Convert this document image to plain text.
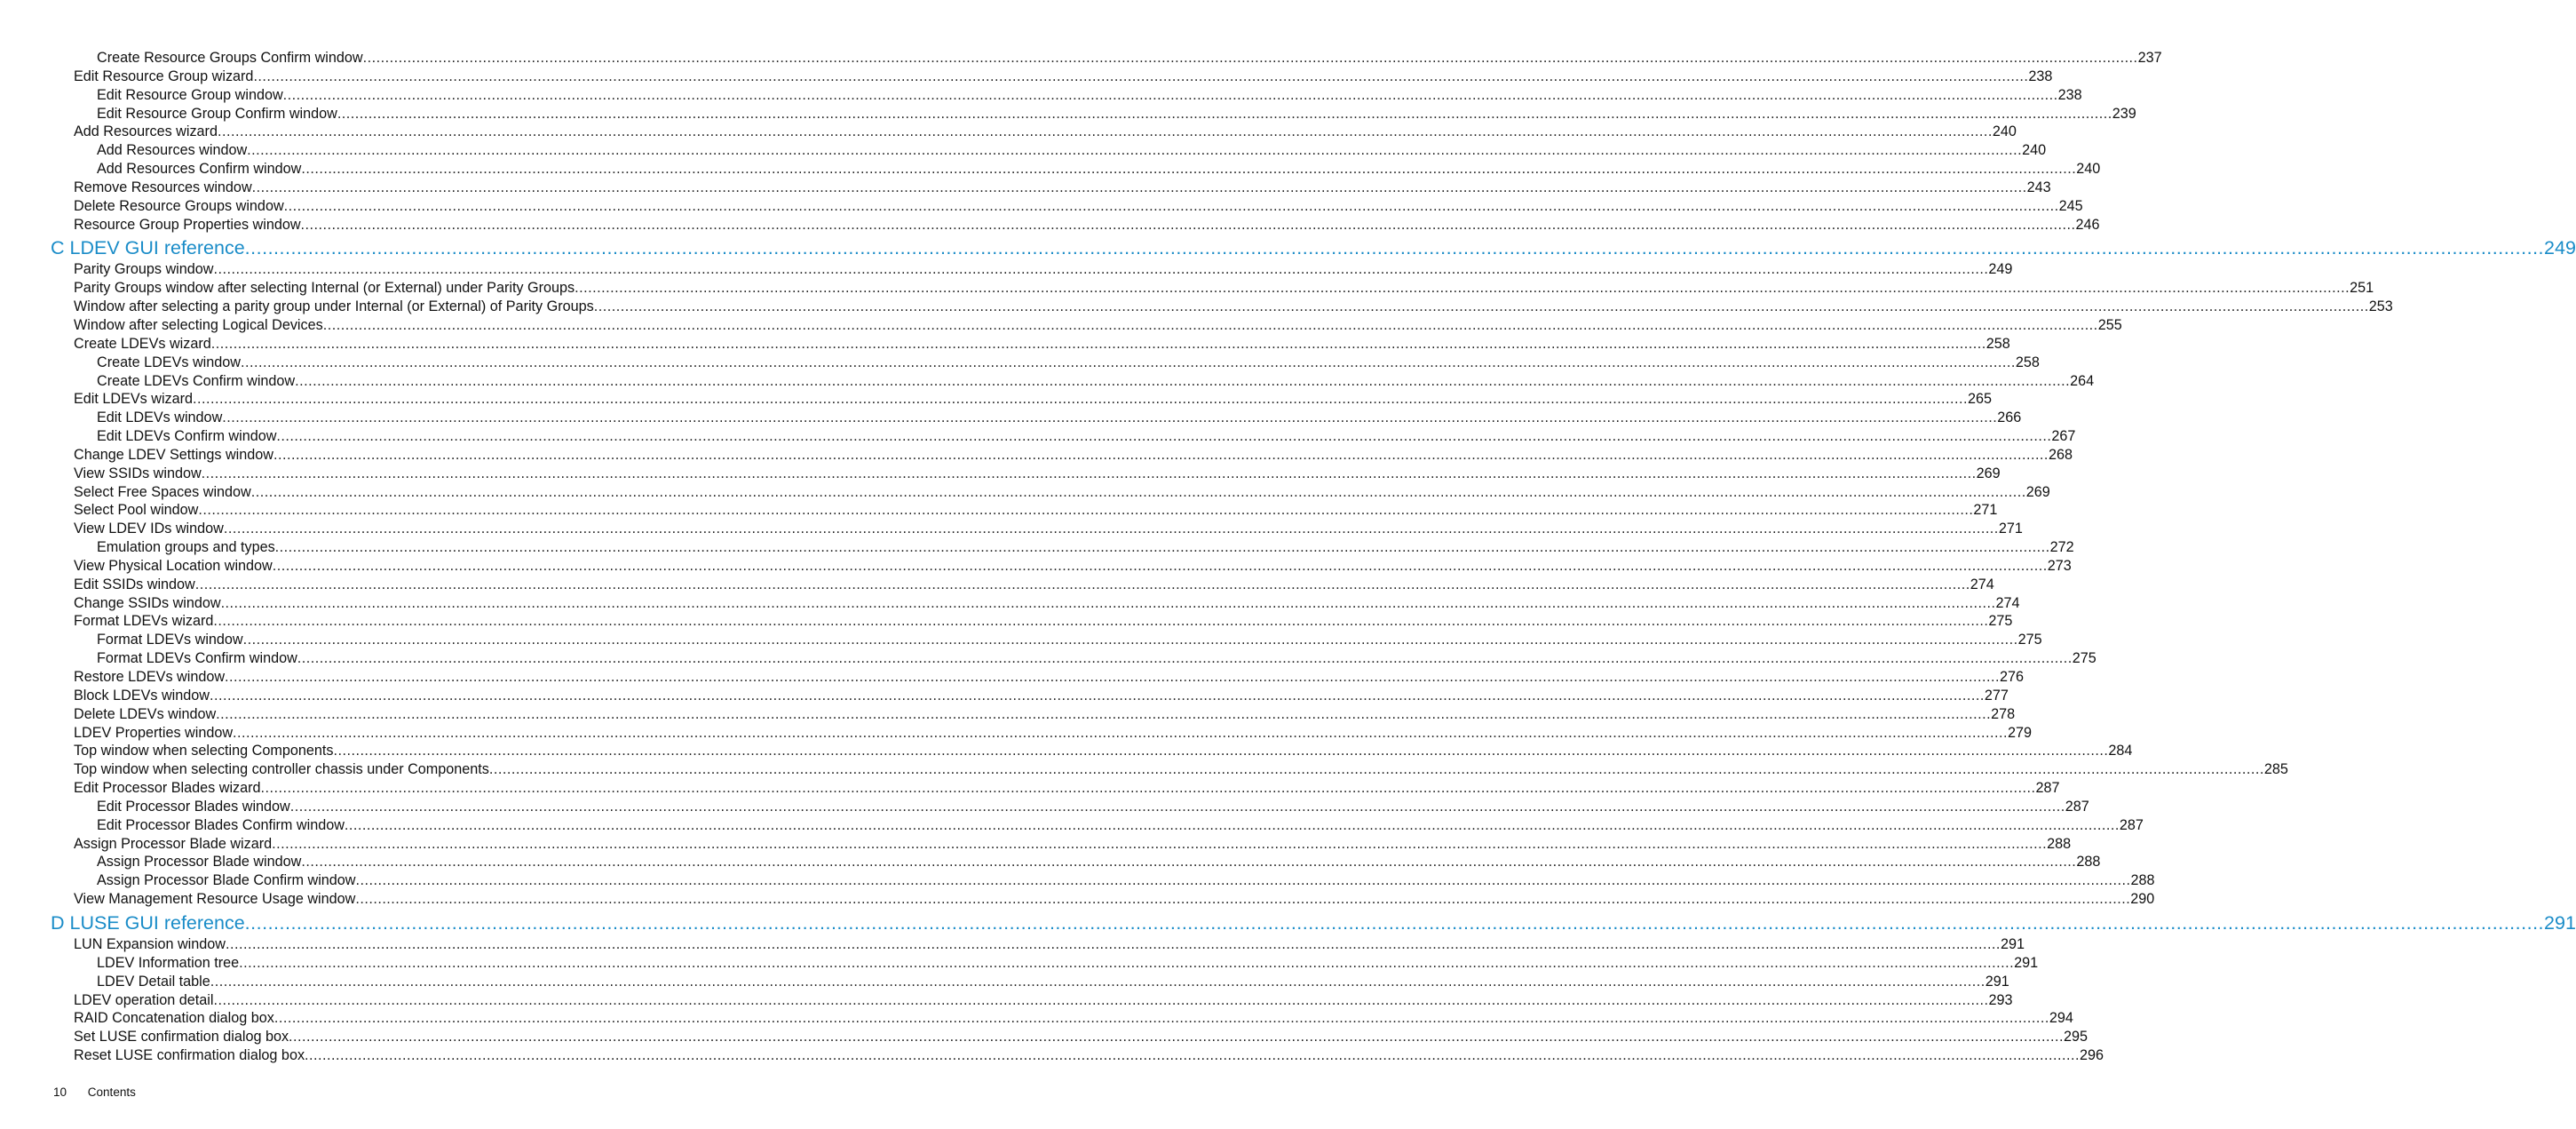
Create Resource Groups Confirm window ................................................................................................................................................................................................................................................................................................................................................................................................................ 237
Edit Resource Group wizard ................................................................................................................................................................................................................................................................................................................................................................................................................ 238
Edit Resource Group window ................................................................................................................................................................................................................................................................................................................................................................................................................ 238
Edit Resource Group Confirm window ................................................................................................................................................................................................................................................................................................................................................................................................................ 239
Add Resources wizard ................................................................................................................................................................................................................................................................................................................................................................................................................ 240
Add Resources window ................................................................................................................................................................................................................................................................................................................................................................................................................ 240
Add Resources Confirm window ................................................................................................................................................................................................................................................................................................................................................................................................................ 240
Remove Resources window ................................................................................................................................................................................................................................................................................................................................................................................................................ 243
Delete Resource Groups window ................................................................................................................................................................................................................................................................................................................................................................................................................ 245
Resource Group Properties window ................................................................................................................................................................................................................................................................................................................................................................................................................ 246
C LDEV GUI reference ................................................................................................................................................................................................................................................................................................................................................................................................................ 249
Parity Groups window ................................................................................................................................................................................................................................................................................................................................................................................................................ 249
Parity Groups window after selecting Internal (or External) under Parity Groups ................................................................................................................................................................................................................................................................................................................................................................................................................ 251
Window after selecting a parity group under Internal (or External) of Parity Groups ................................................................................................................................................................................................................................................................................................................................................................................................................ 253
Window after selecting Logical Devices ................................................................................................................................................................................................................................................................................................................................................................................................................ 255
Create LDEVs wizard ................................................................................................................................................................................................................................................................................................................................................................................................................ 258
Create LDEVs window ................................................................................................................................................................................................................................................................................................................................................................................................................ 258
Create LDEVs Confirm window ................................................................................................................................................................................................................................................................................................................................................................................................................ 264
Edit LDEVs wizard ................................................................................................................................................................................................................................................................................................................................................................................................................ 265
Edit LDEVs window ................................................................................................................................................................................................................................................................................................................................................................................................................ 266
Edit LDEVs Confirm window ................................................................................................................................................................................................................................................................................................................................................................................................................ 267
Change LDEV Settings window ................................................................................................................................................................................................................................................................................................................................................................................................................ 268
View SSIDs window ................................................................................................................................................................................................................................................................................................................................................................................................................ 269
Select Free Spaces window ................................................................................................................................................................................................................................................................................................................................................................................................................ 269
Select Pool window ................................................................................................................................................................................................................................................................................................................................................................................................................ 271
View LDEV IDs window ................................................................................................................................................................................................................................................................................................................................................................................................................ 271
Emulation groups and types ................................................................................................................................................................................................................................................................................................................................................................................................................ 272
View Physical Location window ................................................................................................................................................................................................................................................................................................................................................................................................................ 273
Edit SSIDs window ................................................................................................................................................................................................................................................................................................................................................................................................................ 274
Change SSIDs window ................................................................................................................................................................................................................................................................................................................................................................................................................ 274
Format LDEVs wizard ................................................................................................................................................................................................................................................................................................................................................................................................................ 275
Format LDEVs window ................................................................................................................................................................................................................................................................................................................................................................................................................ 275
Format LDEVs Confirm window ................................................................................................................................................................................................................................................................................................................................................................................................................ 275
Restore LDEVs window ................................................................................................................................................................................................................................................................................................................................................................................................................ 276
Block LDEVs window ................................................................................................................................................................................................................................................................................................................................................................................................................ 277
Delete LDEVs window ................................................................................................................................................................................................................................................................................................................................................................................................................ 278
LDEV Properties window ................................................................................................................................................................................................................................................................................................................................................................................................................ 279
Top window when selecting Components ................................................................................................................................................................................................................................................................................................................................................................................................................ 284
Top window when selecting controller chassis under Components ................................................................................................................................................................................................................................................................................................................................................................................................................ 285
Edit Processor Blades wizard ................................................................................................................................................................................................................................................................................................................................................................................................................ 287
Edit Processor Blades window ................................................................................................................................................................................................................................................................................................................................................................................................................ 287
Edit Processor Blades Confirm window ................................................................................................................................................................................................................................................................................................................................................................................................................ 287
Assign Processor Blade wizard ................................................................................................................................................................................................................................................................................................................................................................................................................ 288
Assign Processor Blade window ................................................................................................................................................................................................................................................................................................................................................................................................................ 288
Assign Processor Blade Confirm window ................................................................................................................................................................................................................................................................................................................................................................................................................ 288
View Management Resource Usage window ................................................................................................................................................................................................................................................................................................................................................................................................................ 290
D LUSE GUI reference ................................................................................................................................................................................................................................................................................................................................................................................................................ 291
LUN Expansion window ................................................................................................................................................................................................................................................................................................................................................................................................................ 291
LDEV Information tree ................................................................................................................................................................................................................................................................................................................................................................................................................ 291
LDEV Detail table ................................................................................................................................................................................................................................................................................................................................................................................................................ 291
LDEV operation detail ................................................................................................................................................................................................................................................................................................................................................................................................................ 293
RAID Concatenation dialog box ................................................................................................................................................................................................................................................................................................................................................................................................................ 294
Set LUSE confirmation dialog box ................................................................................................................................................................................................................................................................................................................................................................................................................ 295
Reset LUSE confirmation dialog box ................................................................................................................................................................................................................................................................................................................................................................................................................ 296
10 Contents
